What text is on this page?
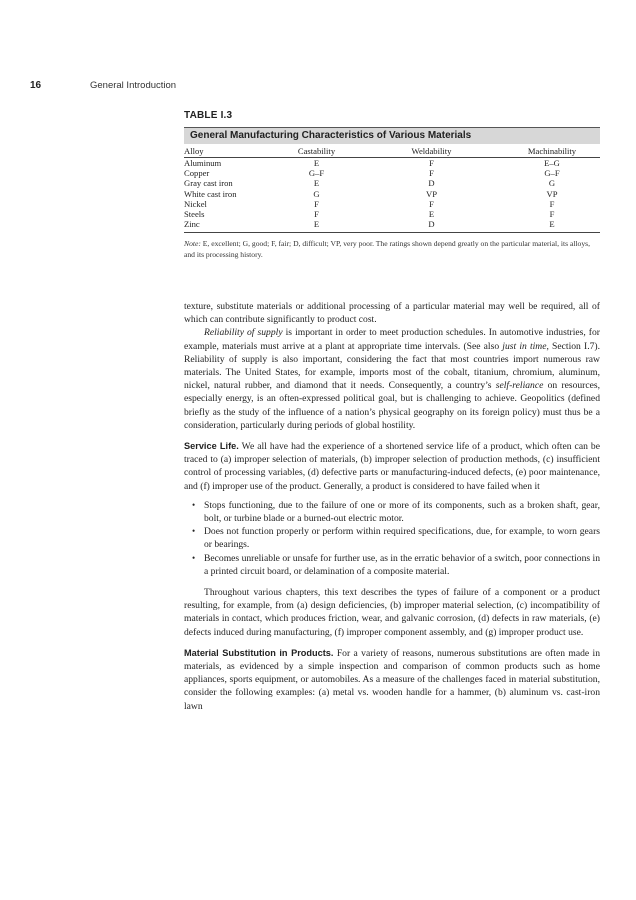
16	General Introduction
TABLE I.3
General Manufacturing Characteristics of Various Materials
Alloy	Castability	Weldability	Machinability
Aluminum	E	F	E–G
Copper	G–F	F	G–F
Gray cast iron	E	D	G
White cast iron	G	VP	VP
Nickel	F	F	F
Steels	F	E	F
Zinc	E	D	E
Note: E, excellent; G, good; F, fair; D, difficult; VP, very poor. The ratings shown depend greatly on the particular material, its alloys, and its processing history.

texture, substitute materials or additional processing of a particular material may well be required, all of which can contribute significantly to product cost.

Reliability of supply is important in order to meet production schedules. In automotive industries, for example, materials must arrive at a plant at appropriate time intervals. (See also just in time, Section I.7). Reliability of supply is also important, considering the fact that most countries import numerous raw materials. The United States, for example, imports most of the cobalt, titanium, chromium, aluminum, nickel, natural rubber, and diamond that it needs. Consequently, a country’s self-reliance on resources, especially energy, is an often-expressed political goal, but is challenging to achieve. Geopolitics (defined briefly as the study of the influence of a nation’s physical geography on its foreign policy) must thus be a consideration, particularly during periods of global hostility.

Service Life. We all have had the experience of a shortened service life of a product, which often can be traced to (a) improper selection of materials, (b) improper selection of production methods, (c) insufficient control of processing variables, (d) defective parts or manufacturing-induced defects, (e) poor maintenance, and (f) improper use of the product. Generally, a product is considered to have failed when it

• Stops functioning, due to the failure of one or more of its components, such as a broken shaft, gear, bolt, or turbine blade or a burned-out electric motor.
• Does not function properly or perform within required specifications, due, for example, to worn gears or bearings.
• Becomes unreliable or unsafe for further use, as in the erratic behavior of a switch, poor connections in a printed circuit board, or delamination of a composite material.

Throughout various chapters, this text describes the types of failure of a component or a product resulting, for example, from (a) design deficiencies, (b) improper material selection, (c) incompatibility of materials in contact, which produces friction, wear, and galvanic corrosion, (d) defects in raw materials, (e) defects induced during manufacturing, (f) improper component assembly, and (g) improper product use.

Material Substitution in Products. For a variety of reasons, numerous substitutions are often made in materials, as evidenced by a simple inspection and comparison of common products such as home appliances, sports equipment, or automobiles. As a measure of the challenges faced in material substitution, consider the following examples: (a) metal vs. wooden handle for a hammer, (b) aluminum vs. cast-iron lawn
